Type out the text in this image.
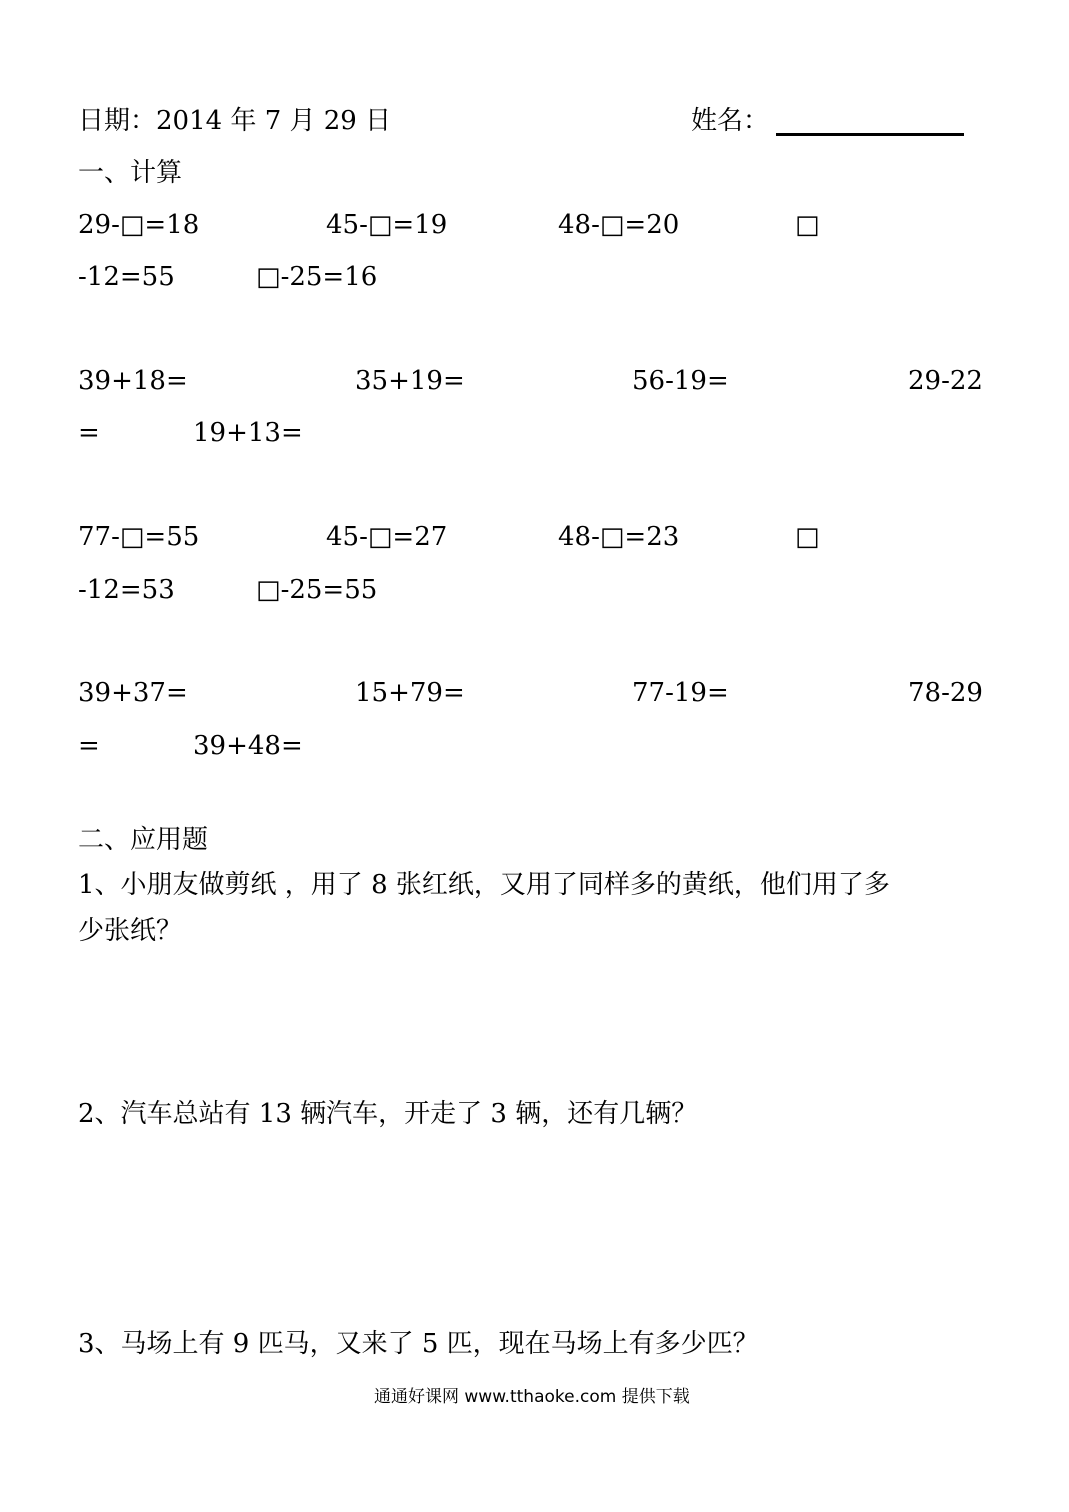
日期：2014 年 7 月 29 日	姓名：
一、计算
29-□=18	45-□=19	48-□=20	□
-12=55	□-25=16
39+18=	35+19=	56-19=	29-22
=	19+13=
77-□=55	45-□=27	48-□=23	□
-12=53	□-25=55
39+37=	15+79=	77-19=	78-29
=	39+48=
二、应用题
1、小朋友做剪纸 ，用了 8 张红纸，又用了同样多的黄纸，他们用了多
少张纸？
2、汽车总站有 13 辆汽车，开走了 3 辆，还有几辆？
3、马场上有 9 匹马，又来了 5 匹，现在马场上有多少匹？
通通好课网 www.tthaoke.com 提供下载
